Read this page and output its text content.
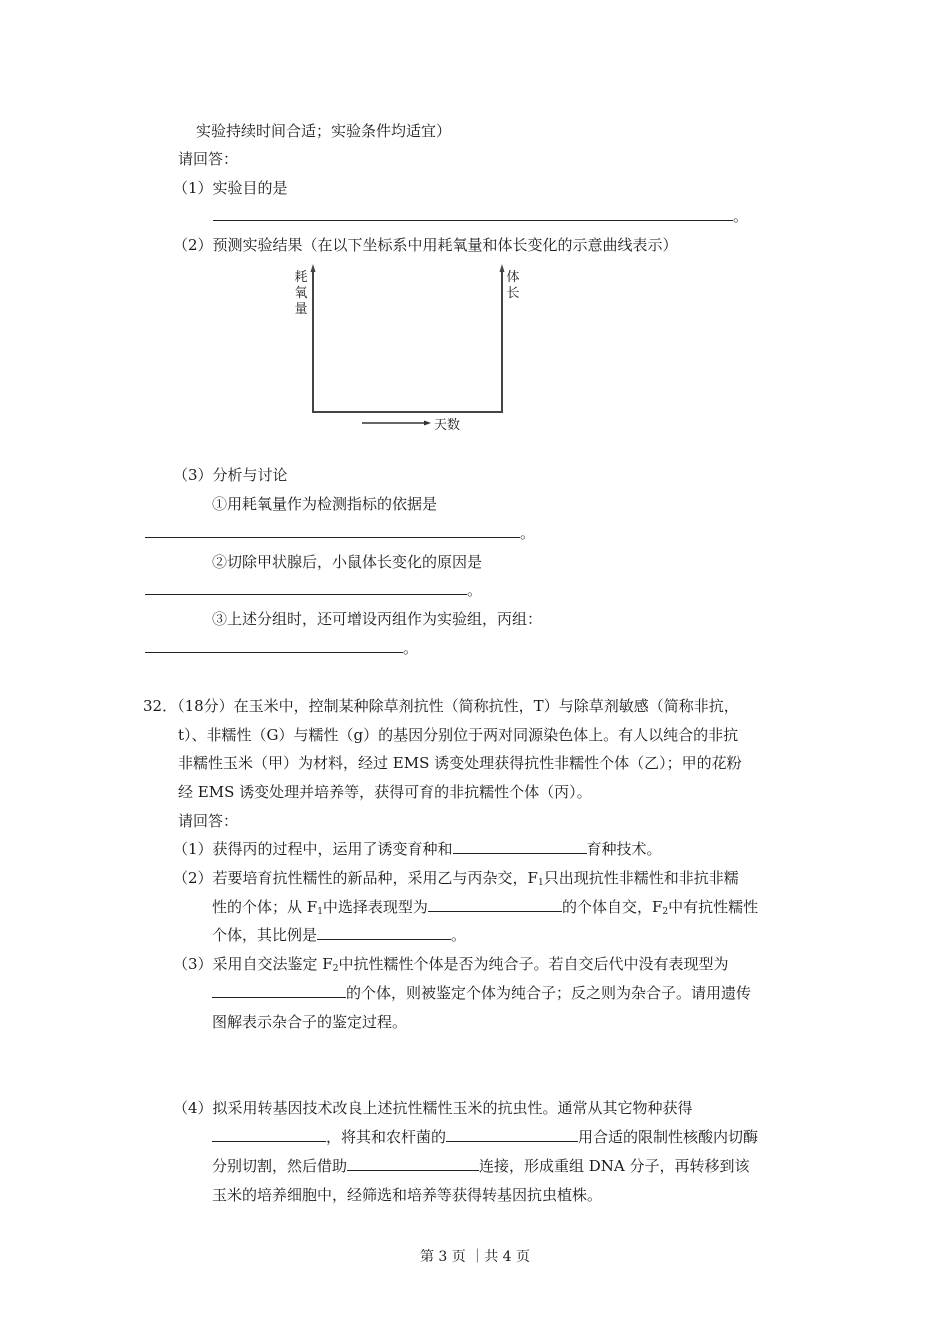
实验持续时间合适；实验条件均适宜）
请回答：
（1）实验目的是
。
（2）预测实验结果（在以下坐标系中用耗氧量和体长变化的示意曲线表示）
耗氧量
体长
天数
（3）分析与讨论
①用耗氧量作为检测指标的依据是
。
②切除甲状腺后，小鼠体长变化的原因是
。
③上述分组时，还可增设丙组作为实验组，丙组：
。
32．（18分）在玉米中，控制某种除草剂抗性（简称抗性，T）与除草剂敏感（简称非抗，
t）、非糯性（G）与糯性（g）的基因分别位于两对同源染色体上。有人以纯合的非抗
非糯性玉米（甲）为材料，经过 EMS 诱变处理获得抗性非糯性个体（乙）；甲的花粉
经 EMS 诱变处理并培养等，获得可育的非抗糯性个体（丙）。
请回答：
（1）获得丙的过程中，运用了诱变育种和	育种技术。
（2）若要培育抗性糯性的新品种，采用乙与丙杂交，$F_1$只出现抗性非糯性和非抗非糯
性的个体；从 $F_1$中选择表现型为	的个体自交，$F_2$中有抗性糯性
个体，其比例是	。
（3）采用自交法鉴定 $F_2$中抗性糯性个体是否为纯合子。若自交后代中没有表现型为
的个体，则被鉴定个体为纯合子；反之则为杂合子。请用遗传
图解表示杂合子的鉴定过程。
（4）拟采用转基因技术改良上述抗性糯性玉米的抗虫性。通常从其它物种获得
，将其和农杆菌的	用合适的限制性核酸内切酶
分别切割，然后借助	连接，形成重组 DNA 分子，再转移到该
玉米的培养细胞中，经筛选和培养等获得转基因抗虫植株。
第 3 页 ｜共 4 页
